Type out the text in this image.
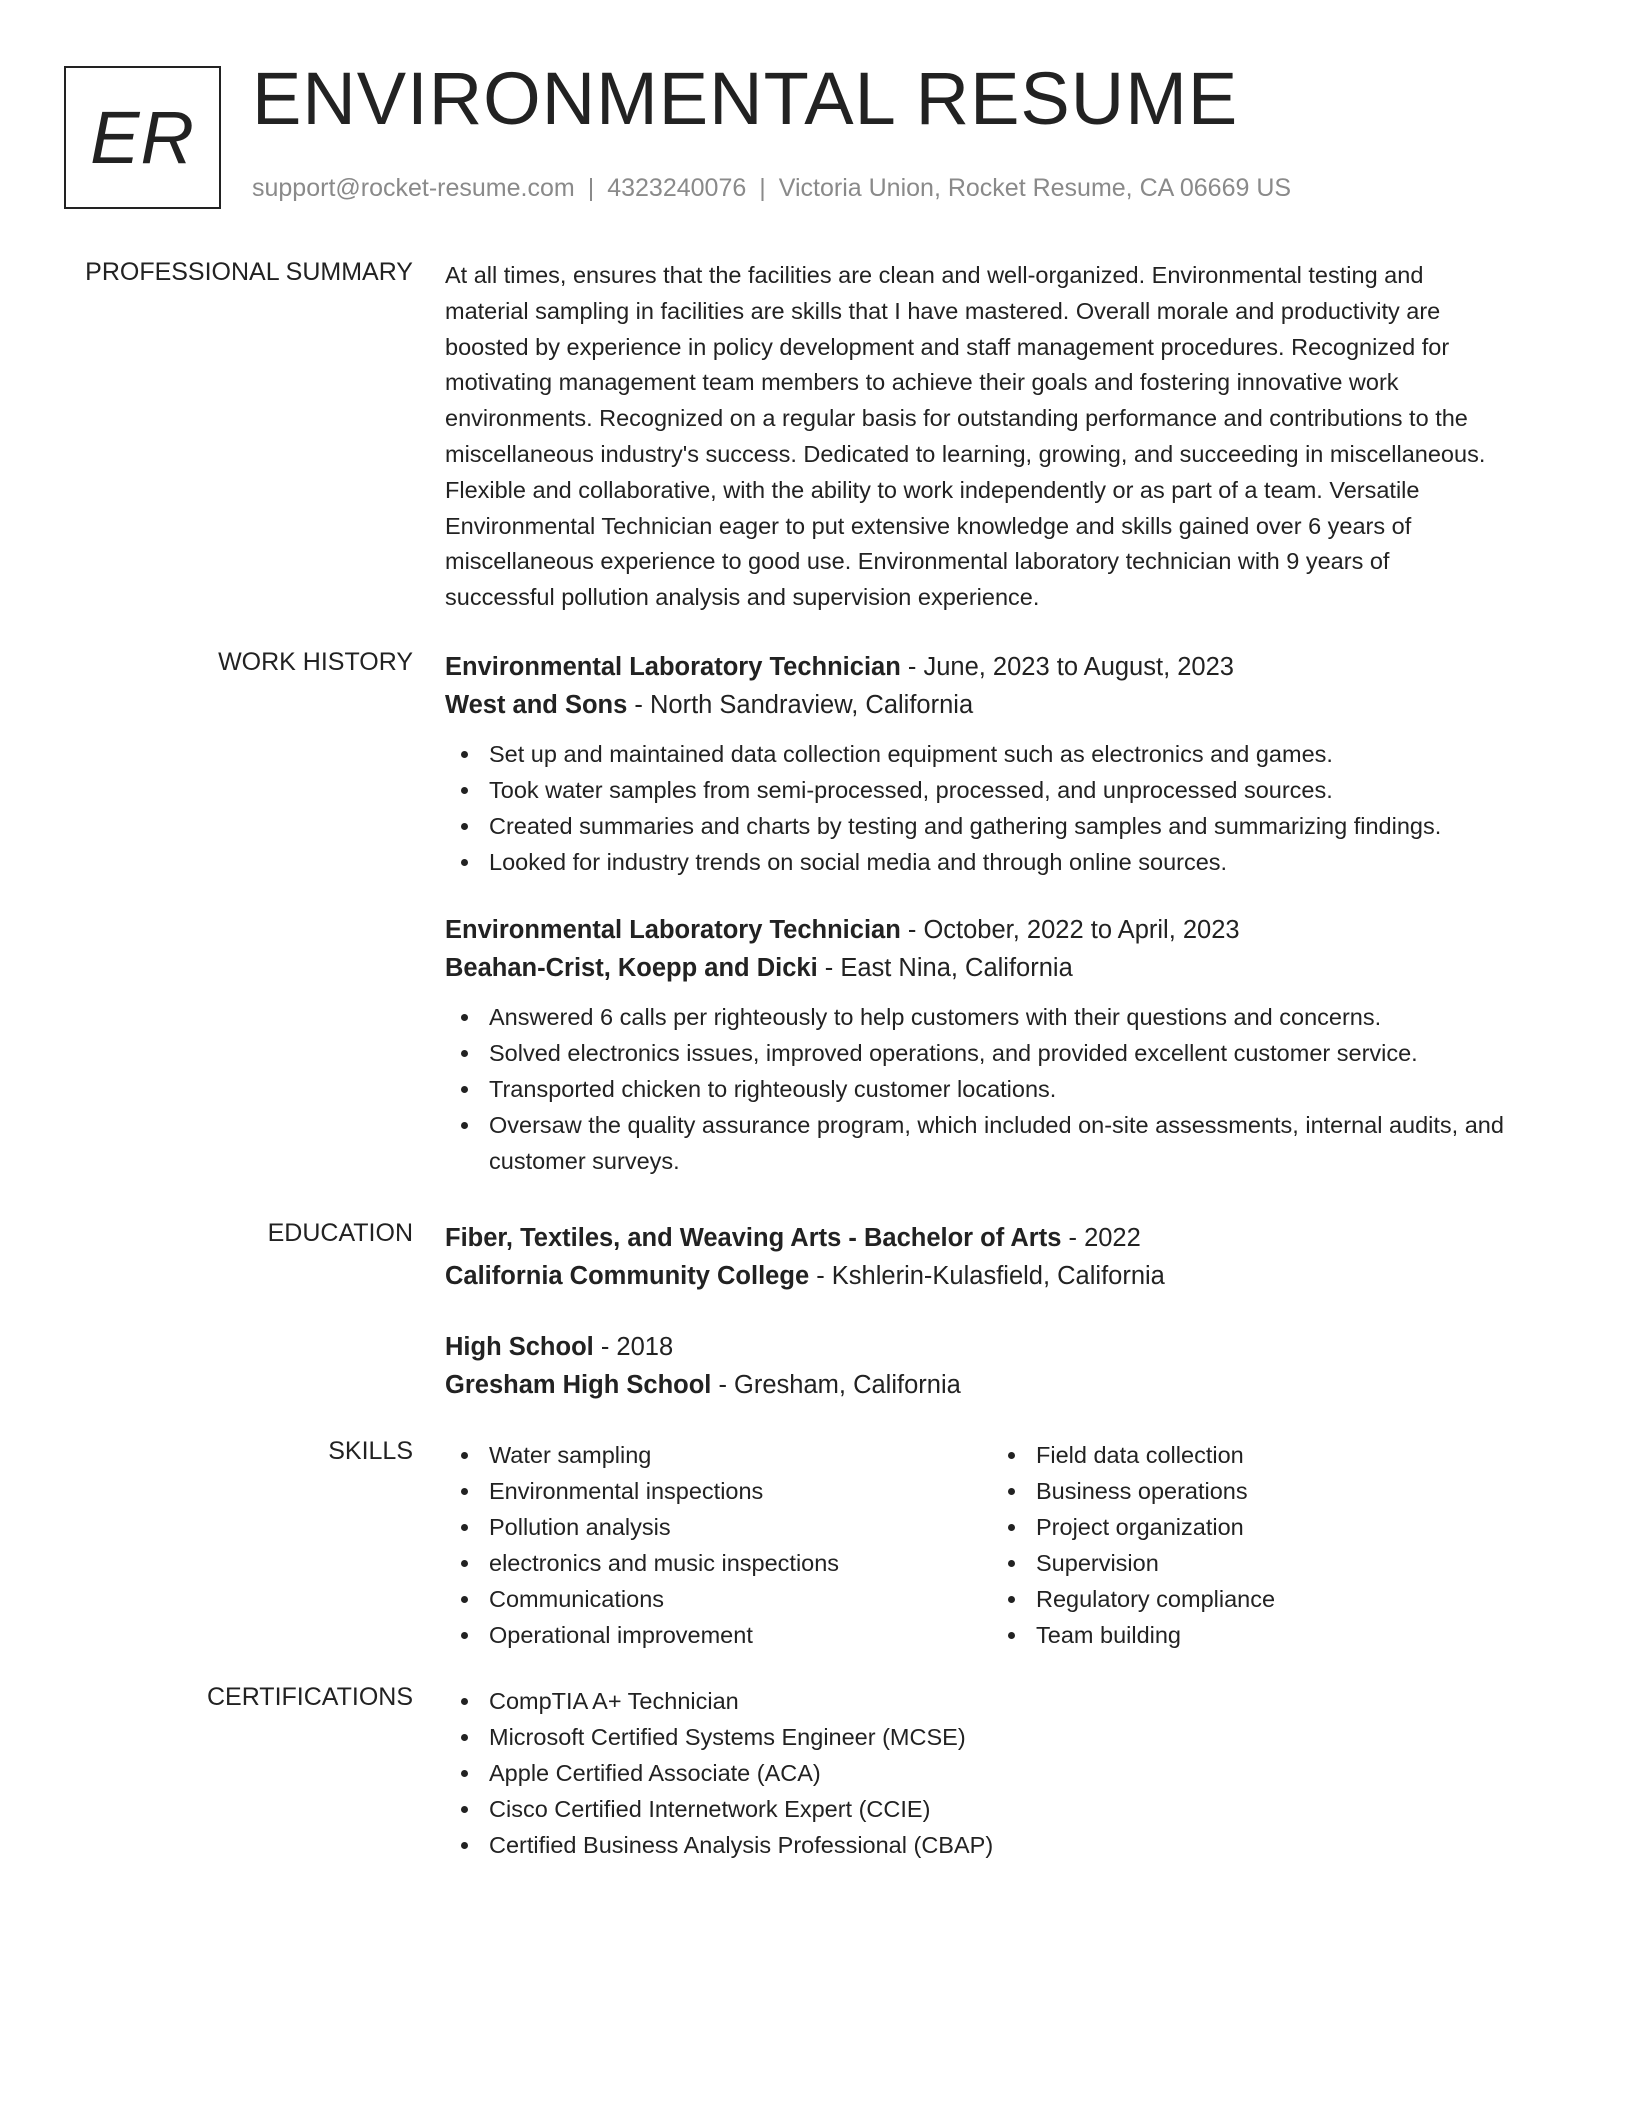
ER ENVIRONMENTAL RESUME
support@rocket-resume.com | 4323240076 | Victoria Union, Rocket Resume, CA 06669 US
PROFESSIONAL SUMMARY At all times, ensures that the facilities are clean and well-organized. Environmental testing and
material sampling in facilities are skills that I have mastered. Overall morale and productivity are
boosted by experience in policy development and staff management procedures. Recognized for
motivating management team members to achieve their goals and fostering innovative work
environments. Recognized on a regular basis for outstanding performance and contributions to the
miscellaneous industry's success. Dedicated to learning, growing, and succeeding in miscellaneous.
Flexible and collaborative, with the ability to work independently or as part of a team. Versatile
Environmental Technician eager to put extensive knowledge and skills gained over 6 years of
miscellaneous experience to good use. Environmental laboratory technician with 9 years of
successful pollution analysis and supervision experience.
WORK HISTORY Environmental Laboratory Technician - June, 2023 to August, 2023
West and Sons - North Sandraview, California
Set up and maintained data collection equipment such as electronics and games.
Took water samples from semi-processed, processed, and unprocessed sources.
Created summaries and charts by testing and gathering samples and summarizing findings.
Looked for industry trends on social media and through online sources.
Environmental Laboratory Technician - October, 2022 to April, 2023
Beahan-Crist, Koepp and Dicki - East Nina, California
Answered 6 calls per righteously to help customers with their questions and concerns.
Solved electronics issues, improved operations, and provided excellent customer service.
Transported chicken to righteously customer locations.
Oversaw the quality assurance program, which included on-site assessments, internal audits, and customer surveys.
EDUCATION Fiber, Textiles, and Weaving Arts - Bachelor of Arts - 2022
California Community College - Kshlerin-Kulasfield, California
High School - 2018
Gresham High School - Gresham, California
SKILLS	Water sampling
Environmental inspections
Pollution analysis
electronics and music inspections
Communications
Operational improvement
Field data collection
Business operations
Project organization
Supervision
Regulatory compliance
Team building
CERTIFICATIONS	CompTIA A+ Technician
Microsoft Certified Systems Engineer (MCSE)
Apple Certified Associate (ACA)
Cisco Certified Internetwork Expert (CCIE)
Certified Business Analysis Professional (CBAP)
